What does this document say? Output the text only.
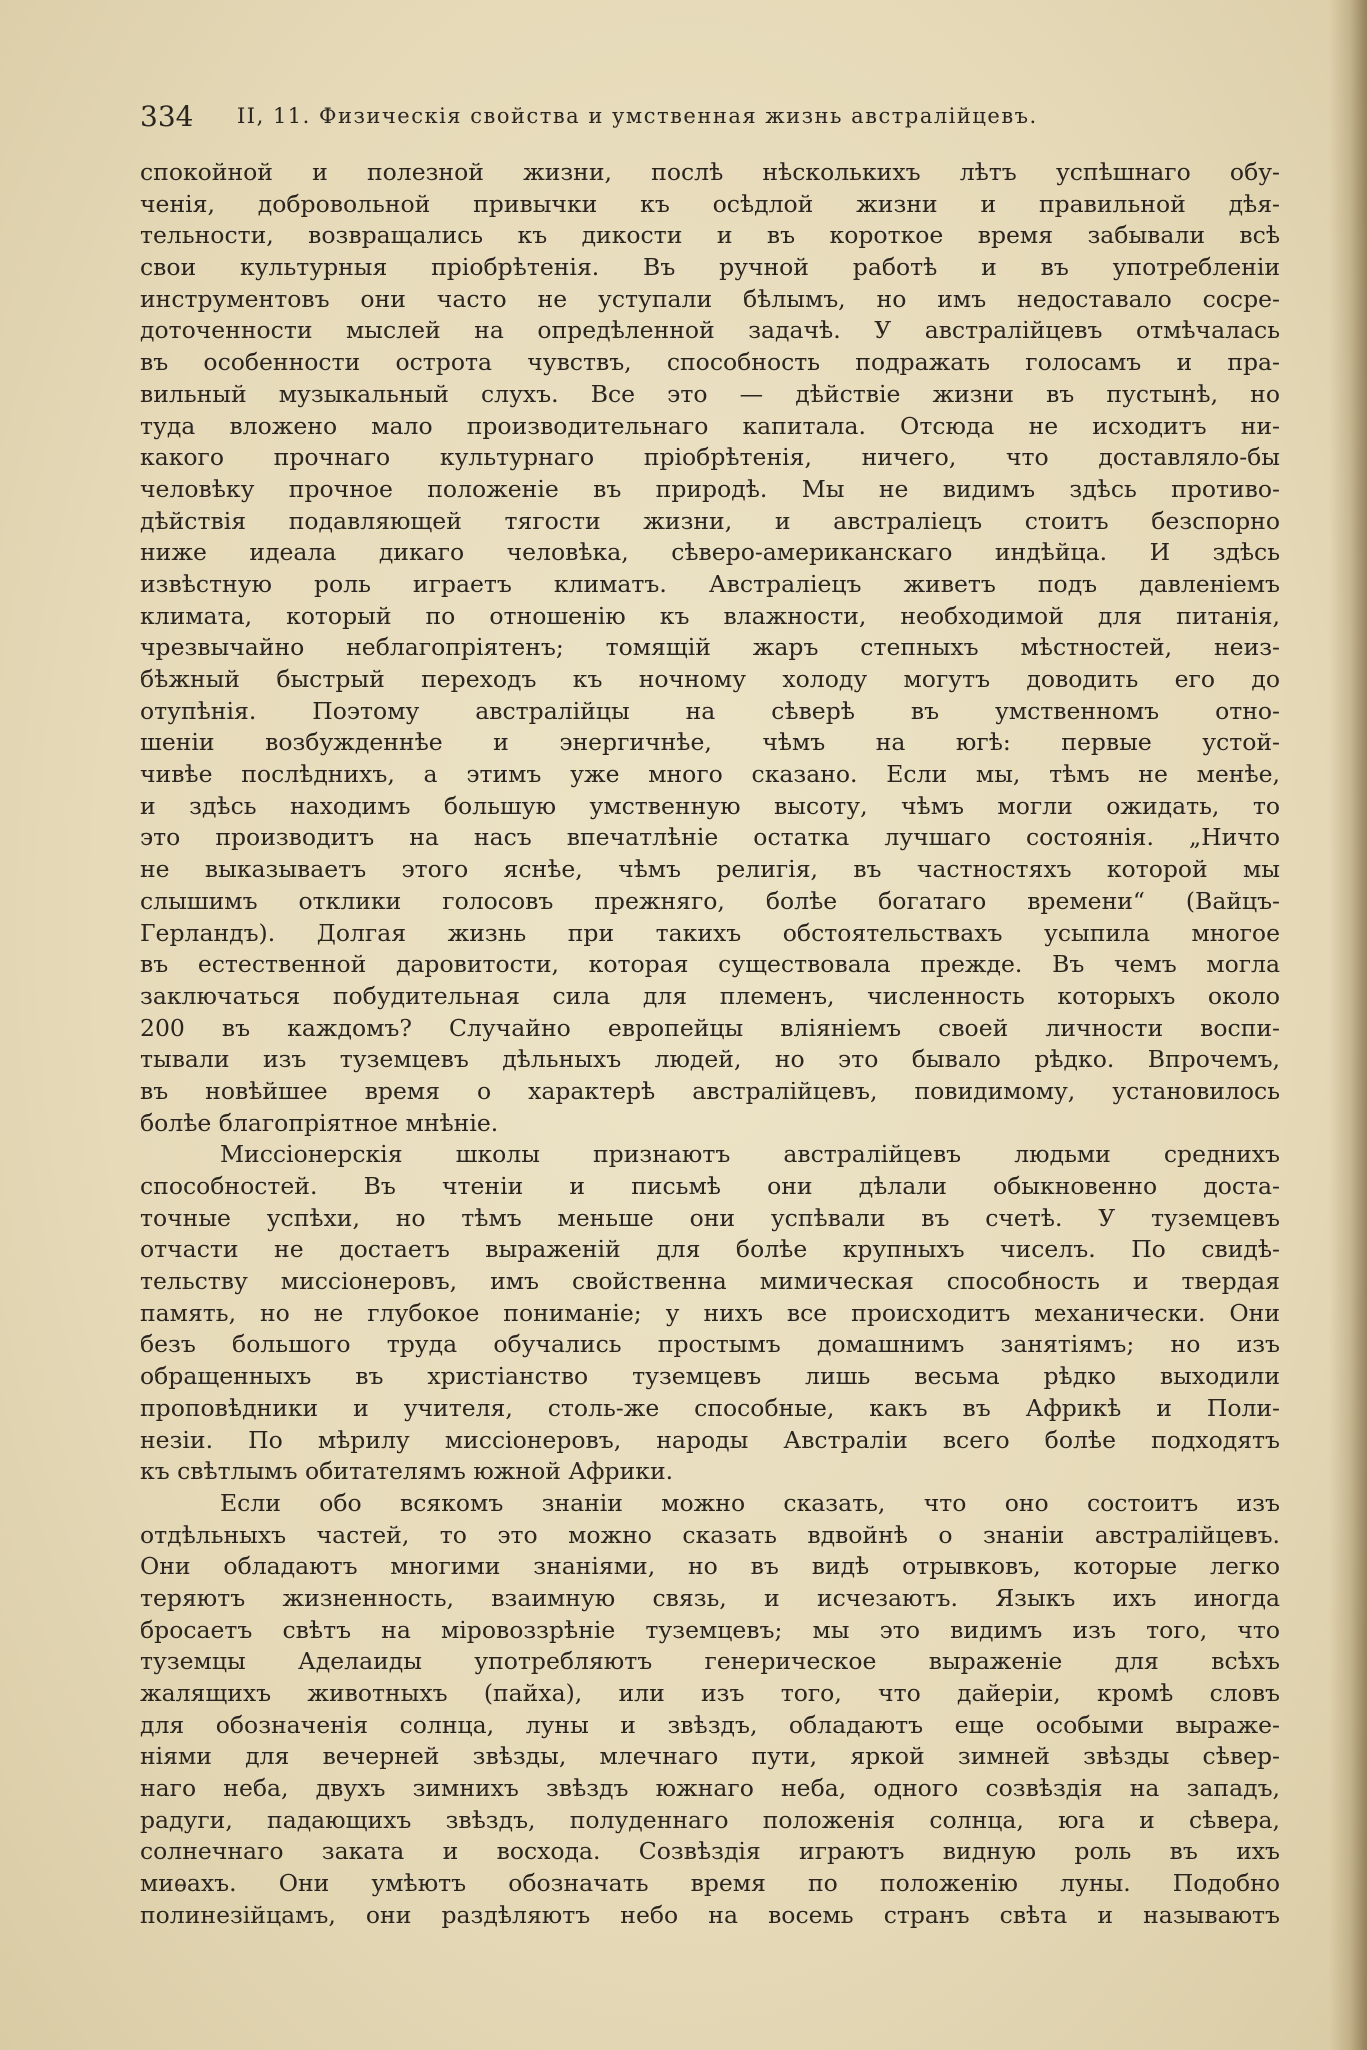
334 II, 11. Физическія свойства и умственная жизнь австралійцевъ.
спокойной и полезной жизни, послѣ нѣсколькихъ лѣтъ успѣшнаго обу-
ченія, добровольной привычки къ осѣдлой жизни и правильной дѣя-
тельности, возвращались къ дикости и въ короткое время забывали всѣ
свои культурныя пріобрѣтенія. Въ ручной работѣ и въ употребленіи
инструментовъ они часто не уступали бѣлымъ, но имъ недоставало сосре-
доточенности мыслей на опредѣленной задачѣ. У австралійцевъ отмѣчалась
въ особенности острота чувствъ, способность подражать голосамъ и пра-
вильный музыкальный слухъ. Все это — дѣйствіе жизни въ пустынѣ, но
туда вложено мало производительнаго капитала. Отсюда не исходитъ ни-
какого прочнаго культурнаго пріобрѣтенія, ничего, что доставляло-бы
человѣку прочное положеніе въ природѣ. Мы не видимъ здѣсь противо-
дѣйствія подавляющей тягости жизни, и австраліецъ стоитъ безспорно
ниже идеала дикаго человѣка, сѣверо-американскаго индѣйца. И здѣсь
извѣстную роль играетъ климатъ. Австраліецъ живетъ подъ давленіемъ
климата, который по отношенію къ влажности, необходимой для питанія,
чрезвычайно неблагопріятенъ; томящій жаръ степныхъ мѣстностей, неиз-
бѣжный быстрый переходъ къ ночному холоду могутъ доводить его до
отупѣнія. Поэтому австралійцы на сѣверѣ въ умственномъ отно-
шеніи возбужденнѣе и энергичнѣе, чѣмъ на югѣ: первые устой-
чивѣе послѣднихъ, а этимъ уже много сказано. Если мы, тѣмъ не менѣе,
и здѣсь находимъ большую умственную высоту, чѣмъ могли ожидать, то
это производитъ на насъ впечатлѣніе остатка лучшаго состоянія. „Ничто
не выказываетъ этого яснѣе, чѣмъ религія, въ частностяхъ которой мы
слышимъ отклики голосовъ прежняго, болѣе богатаго времени“ (Вайцъ-
Герландъ). Долгая жизнь при такихъ обстоятельствахъ усыпила многое
въ естественной даровитости, которая существовала прежде. Въ чемъ могла
заключаться побудительная сила для племенъ, численность которыхъ около
200 въ каждомъ? Случайно европейцы вліяніемъ своей личности воспи-
тывали изъ туземцевъ дѣльныхъ людей, но это бывало рѣдко. Впрочемъ,
въ новѣйшее время о характерѣ австралійцевъ, повидимому, установилось
болѣе благопріятное мнѣніе.
Миссіонерскія школы признаютъ австралійцевъ людьми среднихъ
способностей. Въ чтеніи и письмѣ они дѣлали обыкновенно доста-
точные успѣхи, но тѣмъ меньше они успѣвали въ счетѣ. У туземцевъ
отчасти не достаетъ выраженій для болѣе крупныхъ чиселъ. По свидѣ-
тельству миссіонеровъ, имъ свойственна мимическая способность и твердая
память, но не глубокое пониманіе; у нихъ все происходитъ механически. Они
безъ большого труда обучались простымъ домашнимъ занятіямъ; но изъ
обращенныхъ въ христіанство туземцевъ лишь весьма рѣдко выходили
проповѣдники и учителя, столь-же способные, какъ въ Африкѣ и Поли-
незіи. По мѣрилу миссіонеровъ, народы Австраліи всего болѣе подходятъ
къ свѣтлымъ обитателямъ южной Африки.
Если обо всякомъ знаніи можно сказать, что оно состоитъ изъ
отдѣльныхъ частей, то это можно сказать вдвойнѣ о знаніи австралійцевъ.
Они обладаютъ многими знаніями, но въ видѣ отрывковъ, которые легко
теряютъ жизненность, взаимную связь, и исчезаютъ. Языкъ ихъ иногда
бросаетъ свѣтъ на міровоззрѣніе туземцевъ; мы это видимъ изъ того, что
туземцы Аделаиды употребляютъ генерическое выраженіе для всѣхъ
жалящихъ животныхъ (пайха), или изъ того, что дайеріи, кромѣ словъ
для обозначенія солнца, луны и звѣздъ, обладаютъ еще особыми выраже-
ніями для вечерней звѣзды, млечнаго пути, яркой зимней звѣзды сѣвер-
наго неба, двухъ зимнихъ звѣздъ южнаго неба, одного созвѣздія на западъ,
радуги, падающихъ звѣздъ, полуденнаго положенія солнца, юга и сѣвера,
солнечнаго заката и восхода. Созвѣздія играютъ видную роль въ ихъ
миѳахъ. Они умѣютъ обозначать время по положенію луны. Подобно
полинезійцамъ, они раздѣляютъ небо на восемь странъ свѣта и называютъ
